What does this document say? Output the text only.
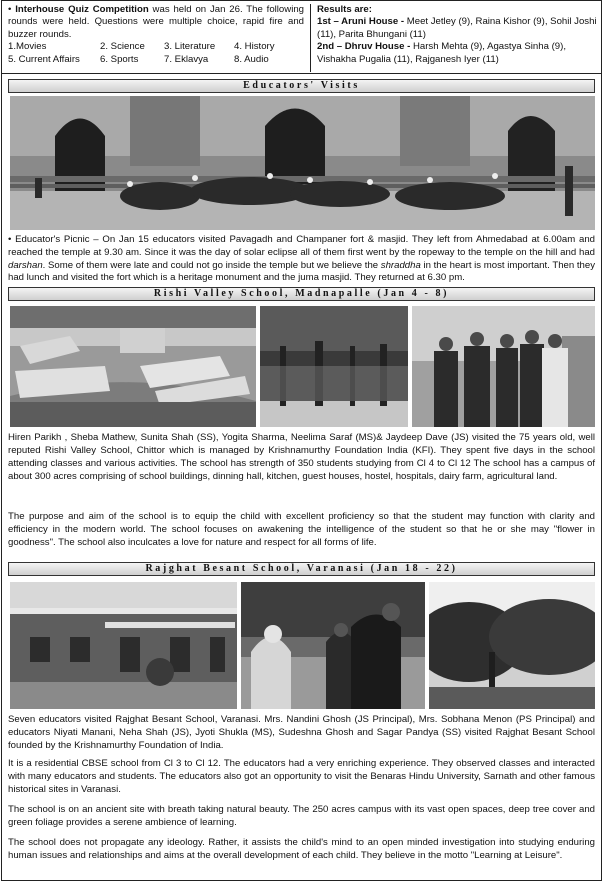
• Interhouse Quiz Competition was held on Jan 26. The following rounds were held. Questions were multiple choice, rapid fire and buzzer rounds.
1.Movies	2. Science	3. Literature	4. History
5. Current Affairs	6. Sports	7. Eklavya	8. Audio
Results are:
1st – Aruni House - Meet Jetley (9), Raina Kishor (9), Sohil Joshi (11), Parita Bhungani (11)
2nd – Dhruv House - Harsh Mehta (9), Agastya Sinha (9), Vishakha Pugalia (11), Rajganesh Iyer (11)
Educators' Visits
• Educator's Picnic – On Jan 15 educators visited Pavagadh and Champaner fort & masjid. They left from Ahmedabad at 6.00am and reached the temple at 9.30 am. Since it was the day of solar eclipse all of them first went by the ropeway to the temple on the hill and had darshan. Some of them were late and could not go inside the temple but we believe the shraddha in the heart is most important. Then they had lunch and visited the fort which is a heritage monument and the juma masjid. They returned at 6.30 pm.
Rishi Valley School, Madnapalle (Jan 4 - 8)
Hiren Parikh , Sheba Mathew, Sunita Shah (SS), Yogita Sharma, Neelima Saraf (MS)& Jaydeep Dave (JS) visited the 75 years old, well reputed Rishi Valley School, Chittor which is managed by Krishnamurthy Foundation India (KFI). They spent five days in the school attending classes and various activities. The school has strength of 350 students studying from Cl 4 to Cl 12 The school has a campus of about 300 acres comprising of school buildings, dinning hall, kitchen, guest houses, hostel, hospitals, dairy farm, agricultural land.
The purpose and aim of the school is to equip the child with excellent proficiency so that the student may function with clarity and efficiency in the modern world. The school focuses on awakening the intelligence of the student so that he or she may "flower in goodness". The school also inculcates a love for nature and respect for all forms of life.
Rajghat Besant School, Varanasi (Jan 18 - 22)
Seven educators visited Rajghat Besant School, Varanasi. Mrs. Nandini Ghosh (JS Principal), Mrs. Sobhana Menon (PS Principal) and educators Niyati Manani, Neha Shah (JS), Jyoti Shukla (MS), Sudeshna Ghosh and Sagar Pandya (SS) visited Rajghat Besant School founded by the Krishnamurthy Foundation of India.
It is a residential CBSE school from Cl 3 to Cl 12. The educators had a very enriching experience. They observed classes and interacted with many educators and students. The educators also got an opportunity to visit the Benaras Hindu University, Sarnath and other famous historical sites in Varanasi.
The school is on an ancient site with breath taking natural beauty. The 250 acres campus with its vast open spaces, deep tree cover and green foliage provides a serene ambience of learning.
The school does not propagate any ideology. Rather, it assists the child's mind to an open minded investigation into studying enduring human issues and relationships and aims at the overall development of each child. They believe in the motto "Learning at Leisure".
